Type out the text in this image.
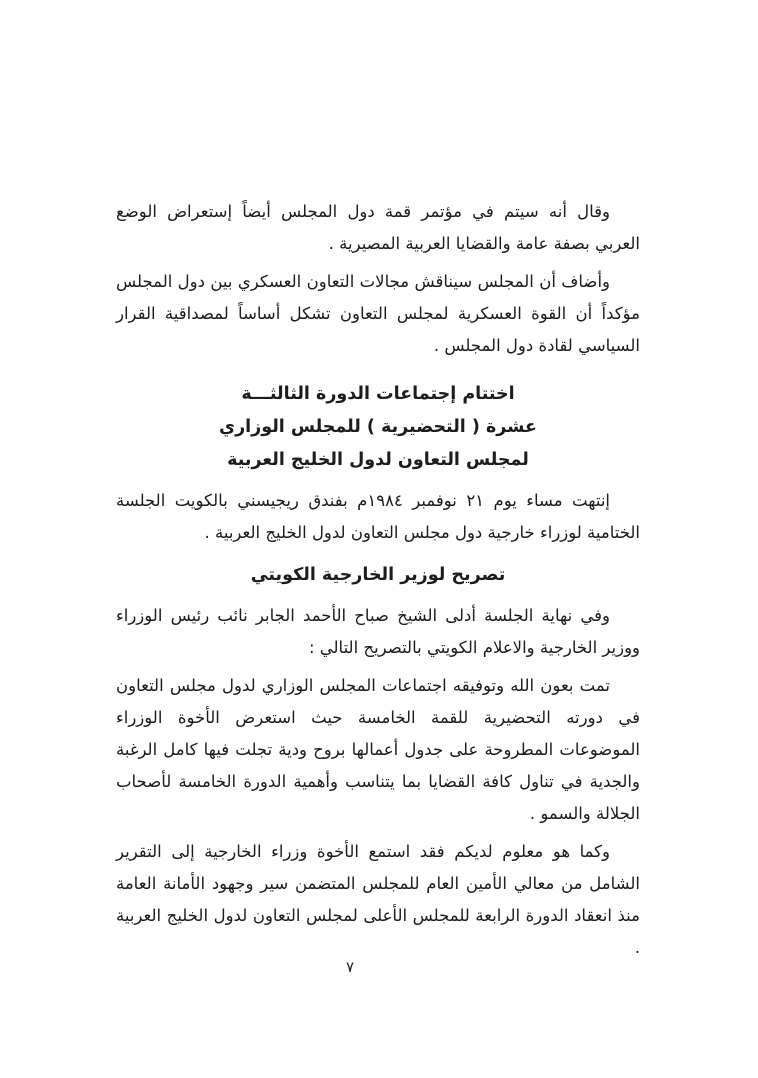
وقال أنه سيتم في مؤتمر قمة دول المجلس أيضاً إستعراض الوضع العربي بصفة عامة والقضايا العربية المصيرية .

وأضاف أن المجلس سيناقش مجالات التعاون العسكري بين دول المجلس مؤكداً أن القوة العسكرية لمجلس التعاون تشكل أساساً لمصداقية القرار السياسي لقادة دول المجلس .

اختتام إجتماعات الدورة الثالثـــة
عشرة ( التحضيرية ) للمجلس الوزاري
لمجلس التعاون لدول الخليج العربية

إنتهت مساء يوم ٢١ نوفمبر ١٩٨٤م بفندق ريجيسني بالكويت الجلسة الختامية لوزراء خارجية دول مجلس التعاون لدول الخليج العربية .

تصريح لوزير الخارجية الكويتي

وفي نهاية الجلسة أدلى الشيخ صباح الأحمد الجابر نائب رئيس الوزراء ووزير الخارجية والاعلام الكويتي بالتصريح التالي :

تمت بعون الله وتوفيقه اجتماعات المجلس الوزاري لدول مجلس التعاون في دورته التحضيرية للقمة الخامسة حيث استعرض الأخوة الوزراء الموضوعات المطروحة على جدول أعمالها بروح ودية تجلت فيها كامل الرغبة والجدية في تناول كافة القضايا بما يتناسب وأهمية الدورة الخامسة لأصحاب الجلالة والسمو .

وكما هو معلوم لديكم فقد استمع الأخوة وزراء الخارجية إلى التقرير الشامل من معالي الأمين العام للمجلس المتضمن سير وجهود الأمانة العامة منذ انعقاد الدورة الرابعة للمجلس الأعلى لمجلس التعاون لدول الخليج العربية .

٧
